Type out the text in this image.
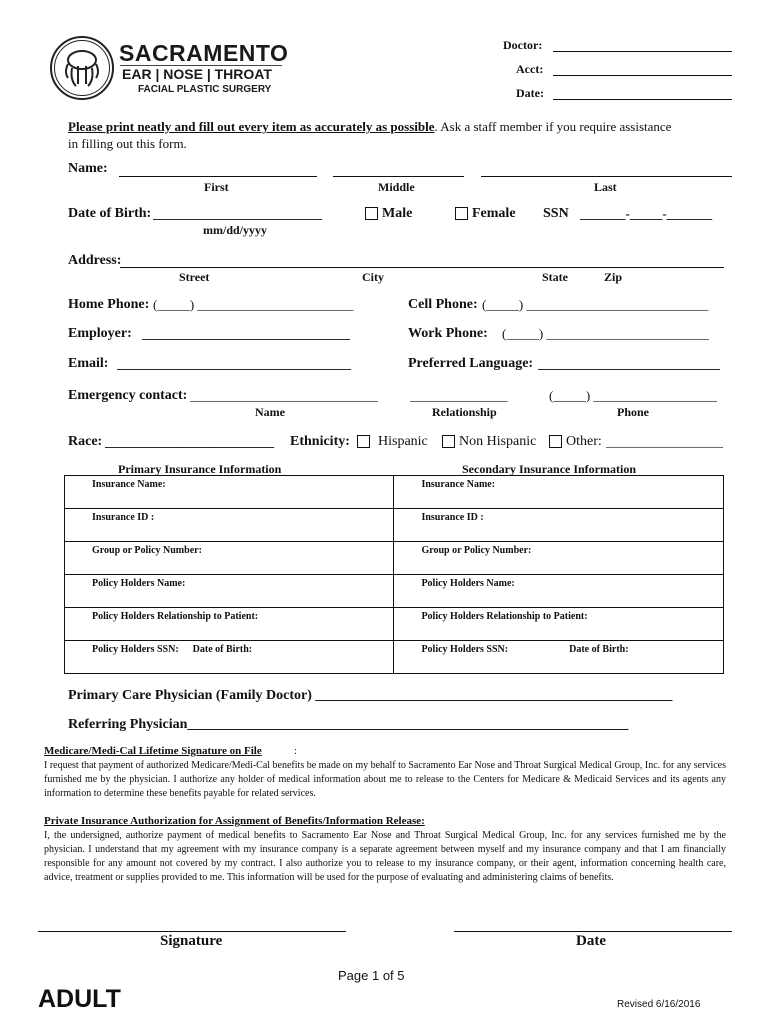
SACRAMENTO
EAR | NOSE | THROAT
FACIAL PLASTIC SURGERY
Doctor:
Acct:
Date:
Please print neatly and fill out every item as accurately as possible. Ask a staff member if you require assistance
in filling out this form.
Name:
First	Middle	Last
Date of Birth: __________________________
mm/dd/yyyy
Male	Female SSN _______-_____-_______
Address:
Street	City	State	Zip
Home Phone: (_____) ________________________	Cell Phone: (_____) ____________________________
Employer: ________________________________	Work Phone: (_____) _________________________
Email: ____________________________________	Preferred Language: ____________________________
Emergency contact: _____________________________ _______________	(_____) ___________________
Name	Relationship	Phone
Race: __________________________	Ethnicity: Hispanic Non Hispanic Other: __________________
Primary Insurance Information	Secondary Insurance Information
Insurance Name:	Insurance Name:
Insurance ID :	Insurance ID :
Group or Policy Number:	Group or Policy Number:
Policy Holders Name:	Policy Holders Name:
Policy Holders Relationship to Patient:	Policy Holders Relationship to Patient:
Policy Holders SSN: Date of Birth:	Policy Holders SSN: Date of Birth:
Primary Care Physician (Family Doctor) ___________________________________________________
Referring Physician_______________________________________________________________
Medicare/Medi-Cal Lifetime Signature on File	:
I request that payment of authorized Medicare/Medi-Cal benefits be made on my behalf to Sacramento Ear Nose and Throat Surgical Medical Group, Inc. for any services furnished me by the physician. I authorize any holder of medical information about me to release to the Centers for Medicare & Medicaid Services and its agents any information to determine these benefits payable for related services.
Private Insurance Authorization for Assignment of Benefits/Information Release:
I, the undersigned, authorize payment of medical benefits to Sacramento Ear Nose and Throat Surgical Medical Group, Inc. for any services furnished me by the physician. I understand that my agreement with my insurance company is a separate agreement between myself and my insurance company and that I am financially responsible for any amount not covered by my contract. I also authorize you to release to my insurance company, or their agent, information concerning health care, advice, treatment or supplies provided to me. This information will be used for the purpose of evaluating and administering claims of benefits.
Signature	Date
Page 1 of 5
ADULT	Revised 6/16/2016
